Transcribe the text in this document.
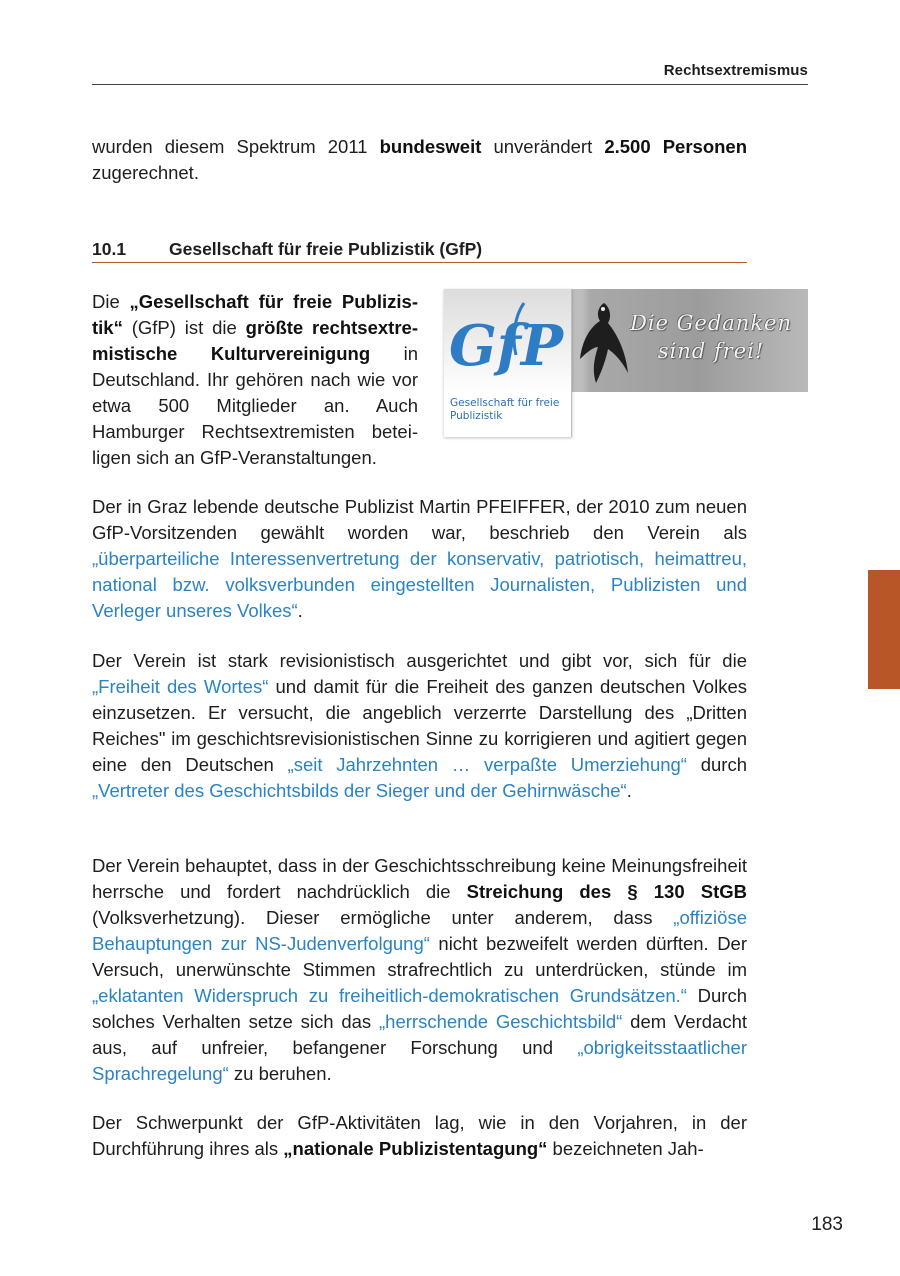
Rechtsextremismus

wurden diesem Spektrum 2011 bundesweit unverändert 2.500 Personen zugerechnet.

10.1 Gesellschaft für freie Publizistik (GfP)

Die „Gesellschaft für freie Publizistik“ (GfP) ist die größte rechtsextremistische Kulturvereinigung in Deutschland. Ihr gehören nach wie vor etwa 500 Mitglieder an. Auch Hamburger Rechtsextremisten beteiligen sich an GfP-Veranstaltungen.

GfP
Gesellschaft für freie Publizistik
Die Gedanken
sind frei!

Der in Graz lebende deutsche Publizist Martin PFEIFFER, der 2010 zum neuen GfP-Vorsitzenden gewählt worden war, beschrieb den Verein als „überparteiliche Interessenvertretung der konservativ, patriotisch, heimattreu, national bzw. volksverbunden eingestellten Journalisten, Publizisten und Verleger unseres Volkes“.

Der Verein ist stark revisionistisch ausgerichtet und gibt vor, sich für die „Freiheit des Wortes“ und damit für die Freiheit des ganzen deutschen Volkes einzusetzen. Er versucht, die angeblich verzerrte Darstellung des „Dritten Reiches" im geschichtsrevisionistischen Sinne zu korrigieren und agitiert gegen eine den Deutschen „seit Jahrzehnten … verpaßte Umerziehung“ durch „Vertreter des Geschichtsbilds der Sieger und der Gehirnwäsche“.

Der Verein behauptet, dass in der Geschichtsschreibung keine Meinungsfreiheit herrsche und fordert nachdrücklich die Streichung des § 130 StGB (Volksverhetzung). Dieser ermögliche unter anderem, dass „offiziöse Behauptungen zur NS-Judenverfolgung“ nicht bezweifelt werden dürften. Der Versuch, unerwünschte Stimmen strafrechtlich zu unterdrücken, stünde im „eklatanten Widerspruch zu freiheitlich-demokratischen Grundsätzen.“ Durch solches Verhalten setze sich das „herrschende Geschichtsbild“ dem Verdacht aus, auf unfreier, befangener Forschung und „obrigkeitsstaatlicher Sprachregelung“ zu beruhen.

Der Schwerpunkt der GfP-Aktivitäten lag, wie in den Vorjahren, in der Durchführung ihres als „nationale Publizistentagung“ bezeichneten Jah-

183
